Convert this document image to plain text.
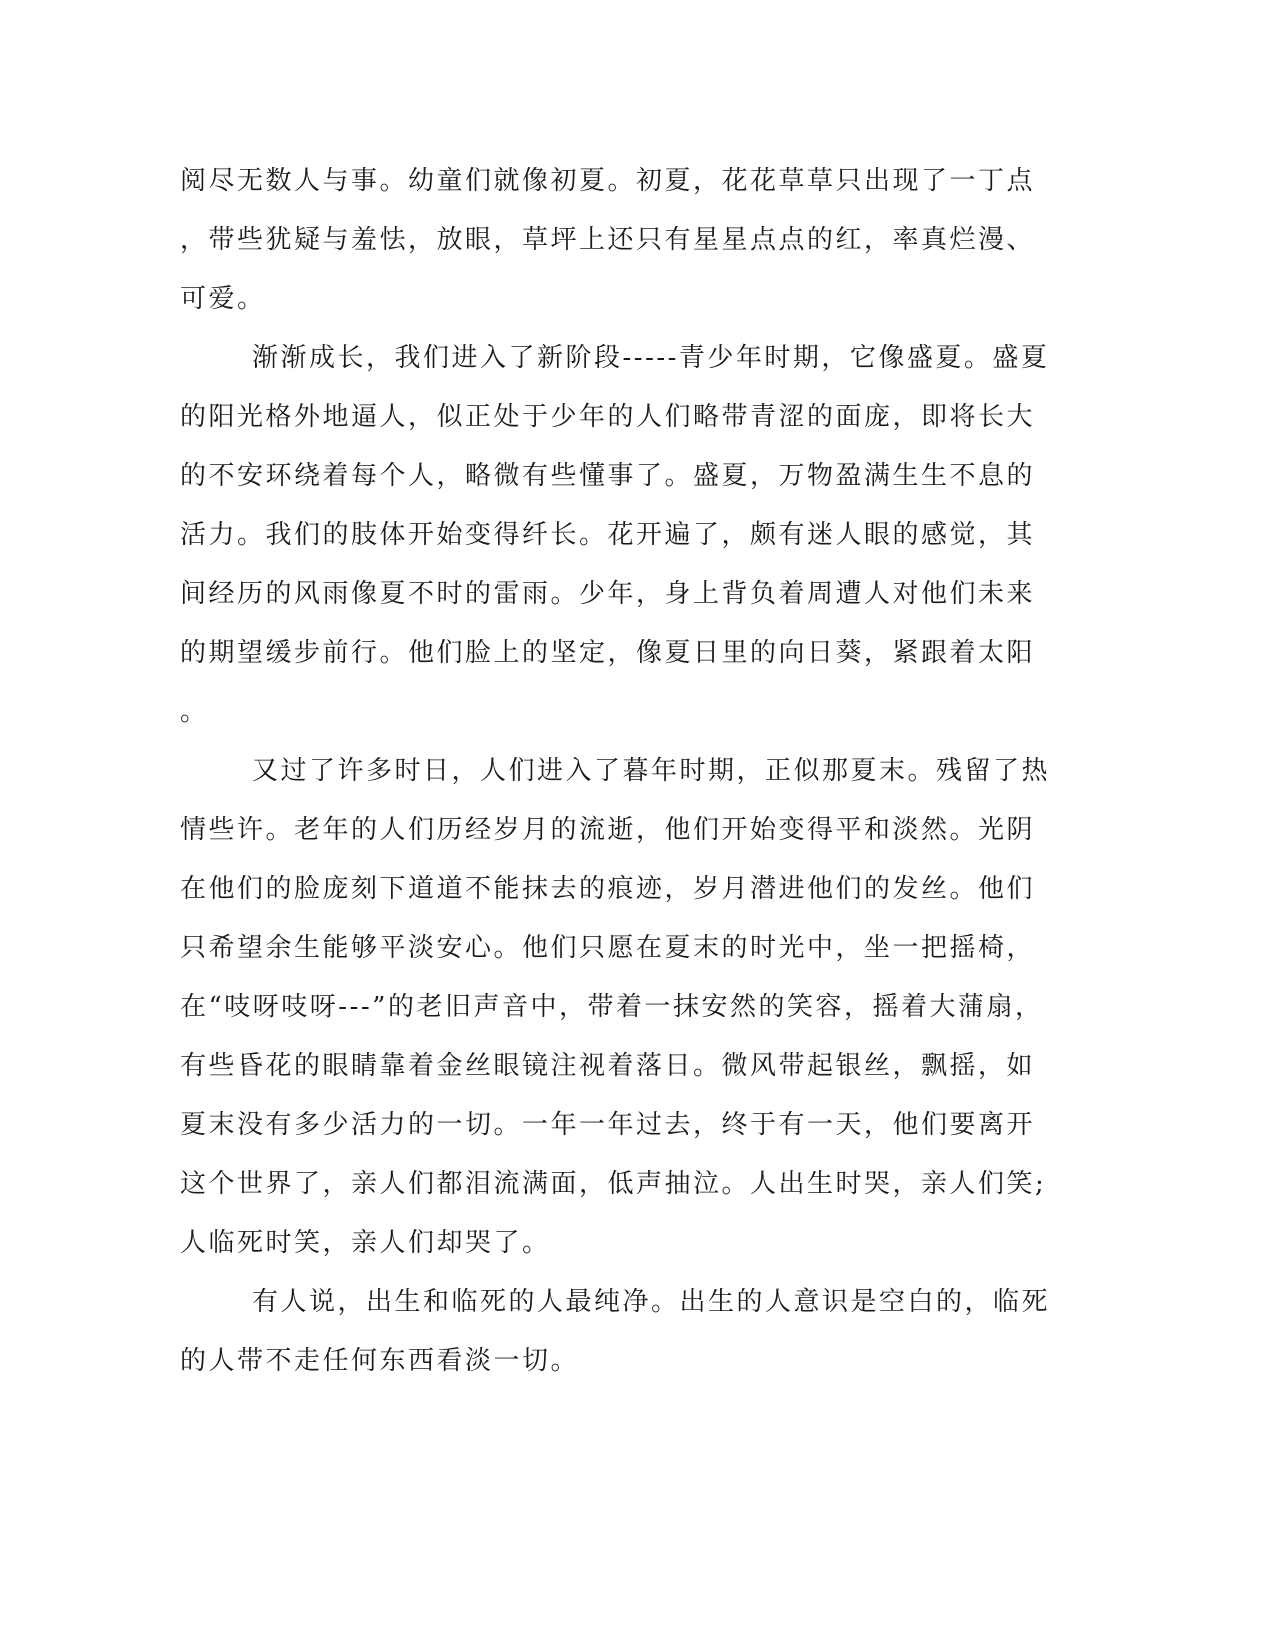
阅尽无数人与事。幼童们就像初夏。初夏，花花草草只出现了一丁点
，带些犹疑与羞怯，放眼，草坪上还只有星星点点的红，率真烂漫、
可爱。
渐渐成长，我们进入了新阶段-----青少年时期，它像盛夏。盛夏
的阳光格外地逼人，似正处于少年的人们略带青涩的面庞，即将长大
的不安环绕着每个人，略微有些懂事了。盛夏，万物盈满生生不息的
活力。我们的肢体开始变得纤长。花开遍了，颇有迷人眼的感觉，其
间经历的风雨像夏不时的雷雨。少年，身上背负着周遭人对他们未来
的期望缓步前行。他们脸上的坚定，像夏日里的向日葵，紧跟着太阳
。
又过了许多时日，人们进入了暮年时期，正似那夏末。残留了热
情些许。老年的人们历经岁月的流逝，他们开始变得平和淡然。光阴
在他们的脸庞刻下道道不能抹去的痕迹，岁月潜进他们的发丝。他们
只希望余生能够平淡安心。他们只愿在夏末的时光中，坐一把摇椅，
在“吱呀吱呀---”的老旧声音中，带着一抹安然的笑容，摇着大蒲扇，
有些昏花的眼睛靠着金丝眼镜注视着落日。微风带起银丝，飘摇，如
夏末没有多少活力的一切。一年一年过去，终于有一天，他们要离开
这个世界了，亲人们都泪流满面，低声抽泣。人出生时哭，亲人们笑;
人临死时笑，亲人们却哭了。
有人说，出生和临死的人最纯净。出生的人意识是空白的，临死
的人带不走任何东西看淡一切。
